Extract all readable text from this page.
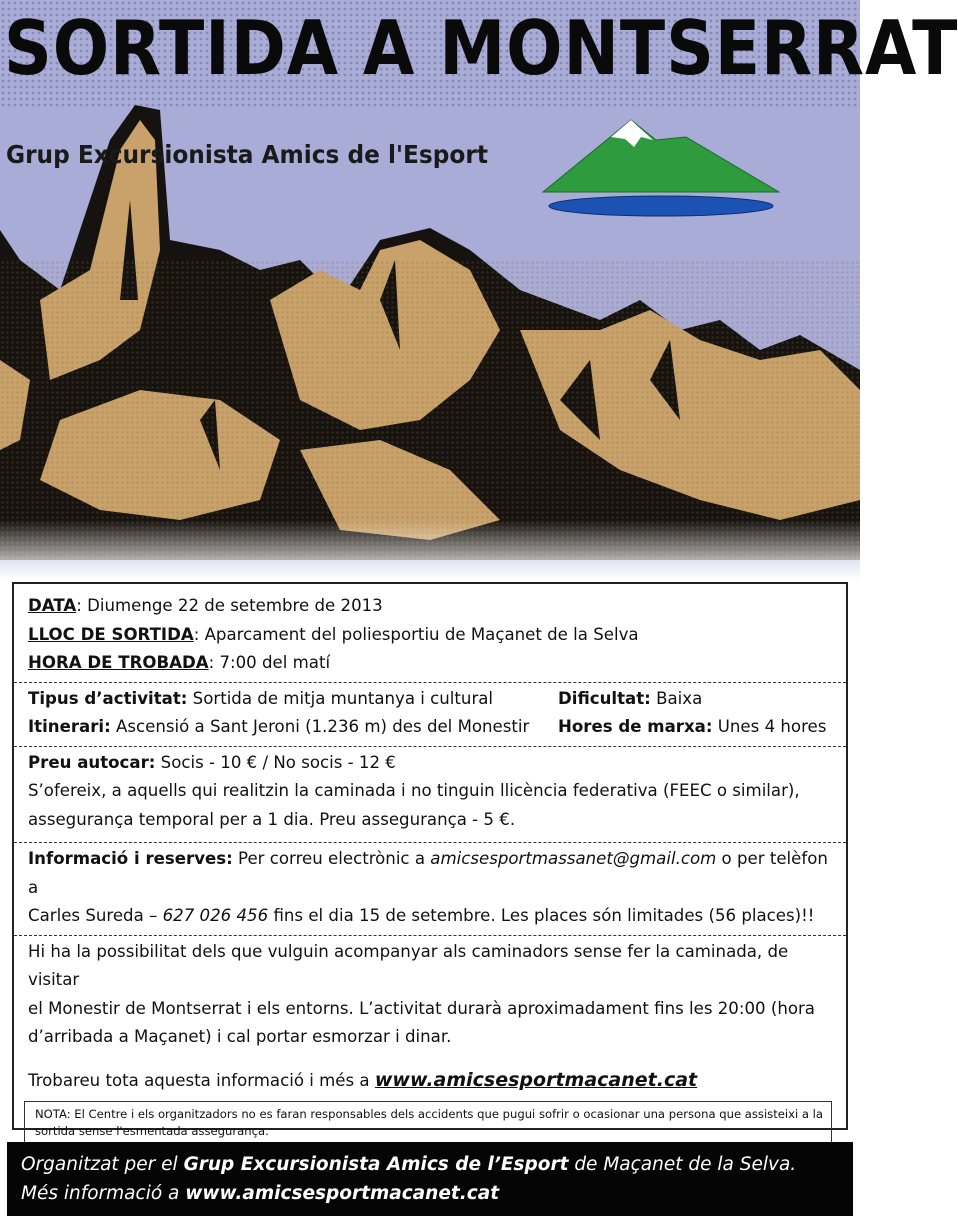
SORTIDA A MONTSERRAT
Grup Excursionista Amics de l'Esport
DATA: Diumenge 22 de setembre de 2013
LLOC DE SORTIDA: Aparcament del poliesportiu de Maçanet de la Selva
HORA DE TROBADA: 7:00 del matí
Tipus d’activitat: Sortida de mitja muntanya i cultural	Dificultat: Baixa
Itinerari: Ascensió a Sant Jeroni (1.236 m) des del Monestir	Hores de marxa: Unes 4 hores
Preu autocar: Socis - 10 € / No socis - 12 €
S’ofereix, a aquells qui realitzin la caminada i no tinguin llicència federativa (FEEC o similar),
assegurança temporal per a 1 dia. Preu assegurança - 5 €.
Informació i reserves: Per correu electrònic a amicsesportmassanet@gmail.com o per telèfon a
Carles Sureda – 627 026 456 fins el dia 15 de setembre. Les places són limitades (56 places)!!
Hi ha la possibilitat dels que vulguin acompanyar als caminadors sense fer la caminada, de visitar
el Monestir de Montserrat i els entorns. L’activitat durarà aproximadament fins les 20:00 (hora
d’arribada a Maçanet) i cal portar esmorzar i dinar.
Trobareu tota aquesta informació i més a www.amicsesportmacanet.cat
NOTA: El Centre i els organitzadors no es faran responsables dels accidents que pugui sofrir o ocasionar una persona que assisteixi a la sortida sense l'esmentada assegurança.
Organitzat per el Grup Excursionista Amics de l’Esport de Maçanet de la Selva.
Més informació a www.amicsesportmacanet.cat
